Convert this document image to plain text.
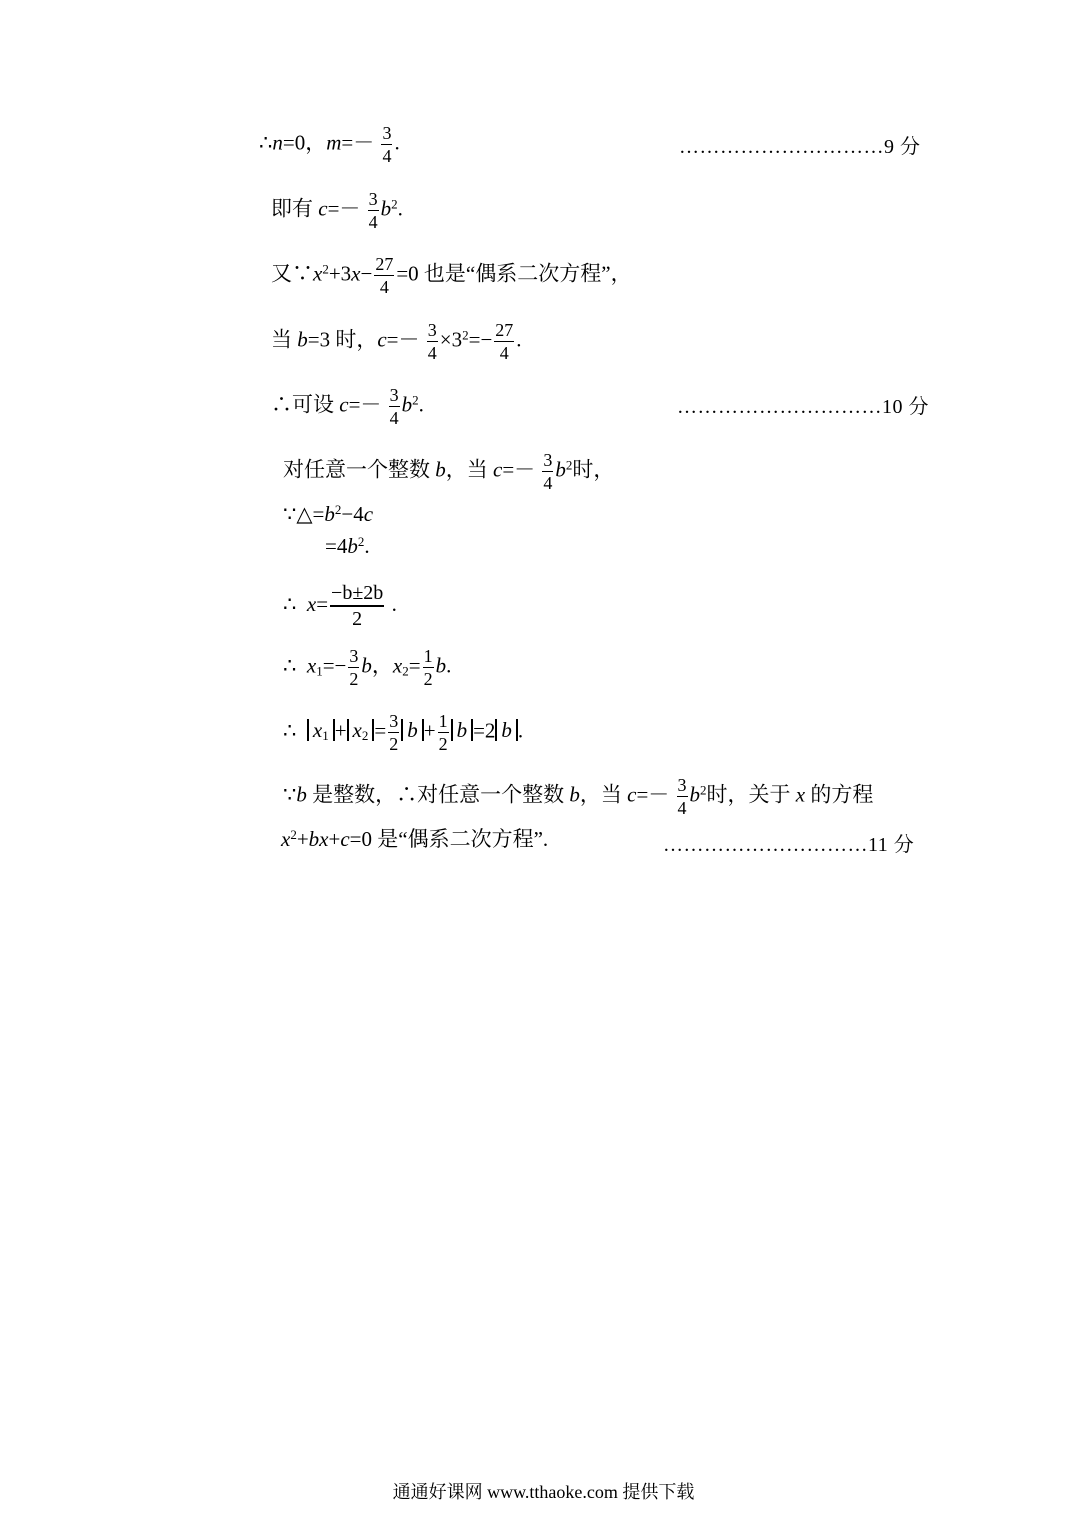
∴n=0，$m=- \frac{3}{4}$ .	…………………………9 分
即有 $c=- \frac{3}{4} b^2$.
又$\because x^2+3x- \frac{27}{4} =0$ 也是“偶系二次方程”，
当 b=3 时，$c=- \frac{3}{4} \times 3^2=- \frac{27}{4}$ .
∴可设 $c=- \frac{3}{4} b^2$.	…………………………10 分
对任意一个整数 b，当 $c=- \frac{3}{4} b^2$时，
$\because\triangle=b^2-4c$
$=4b^2$.
∴ $x= \frac{-b\pm 2b}{2}$ .
∴ $x_1=- \frac{3}{2}$ b，$x_2= \frac{1}{2} b$.
∴ $x_1 + x_2 = \frac{3}{2}$ $b + \frac{1}{2}$ b =2 b .
∵b 是整数，∴对任意一个整数 b，当 $c=- \frac{3}{4} b^2$时，关于 x 的方程
$x^2+bx+c=0$ 是“偶系二次方程”.	…………………………11 分
通通好课网 www.tthaoke.com 提供下载
